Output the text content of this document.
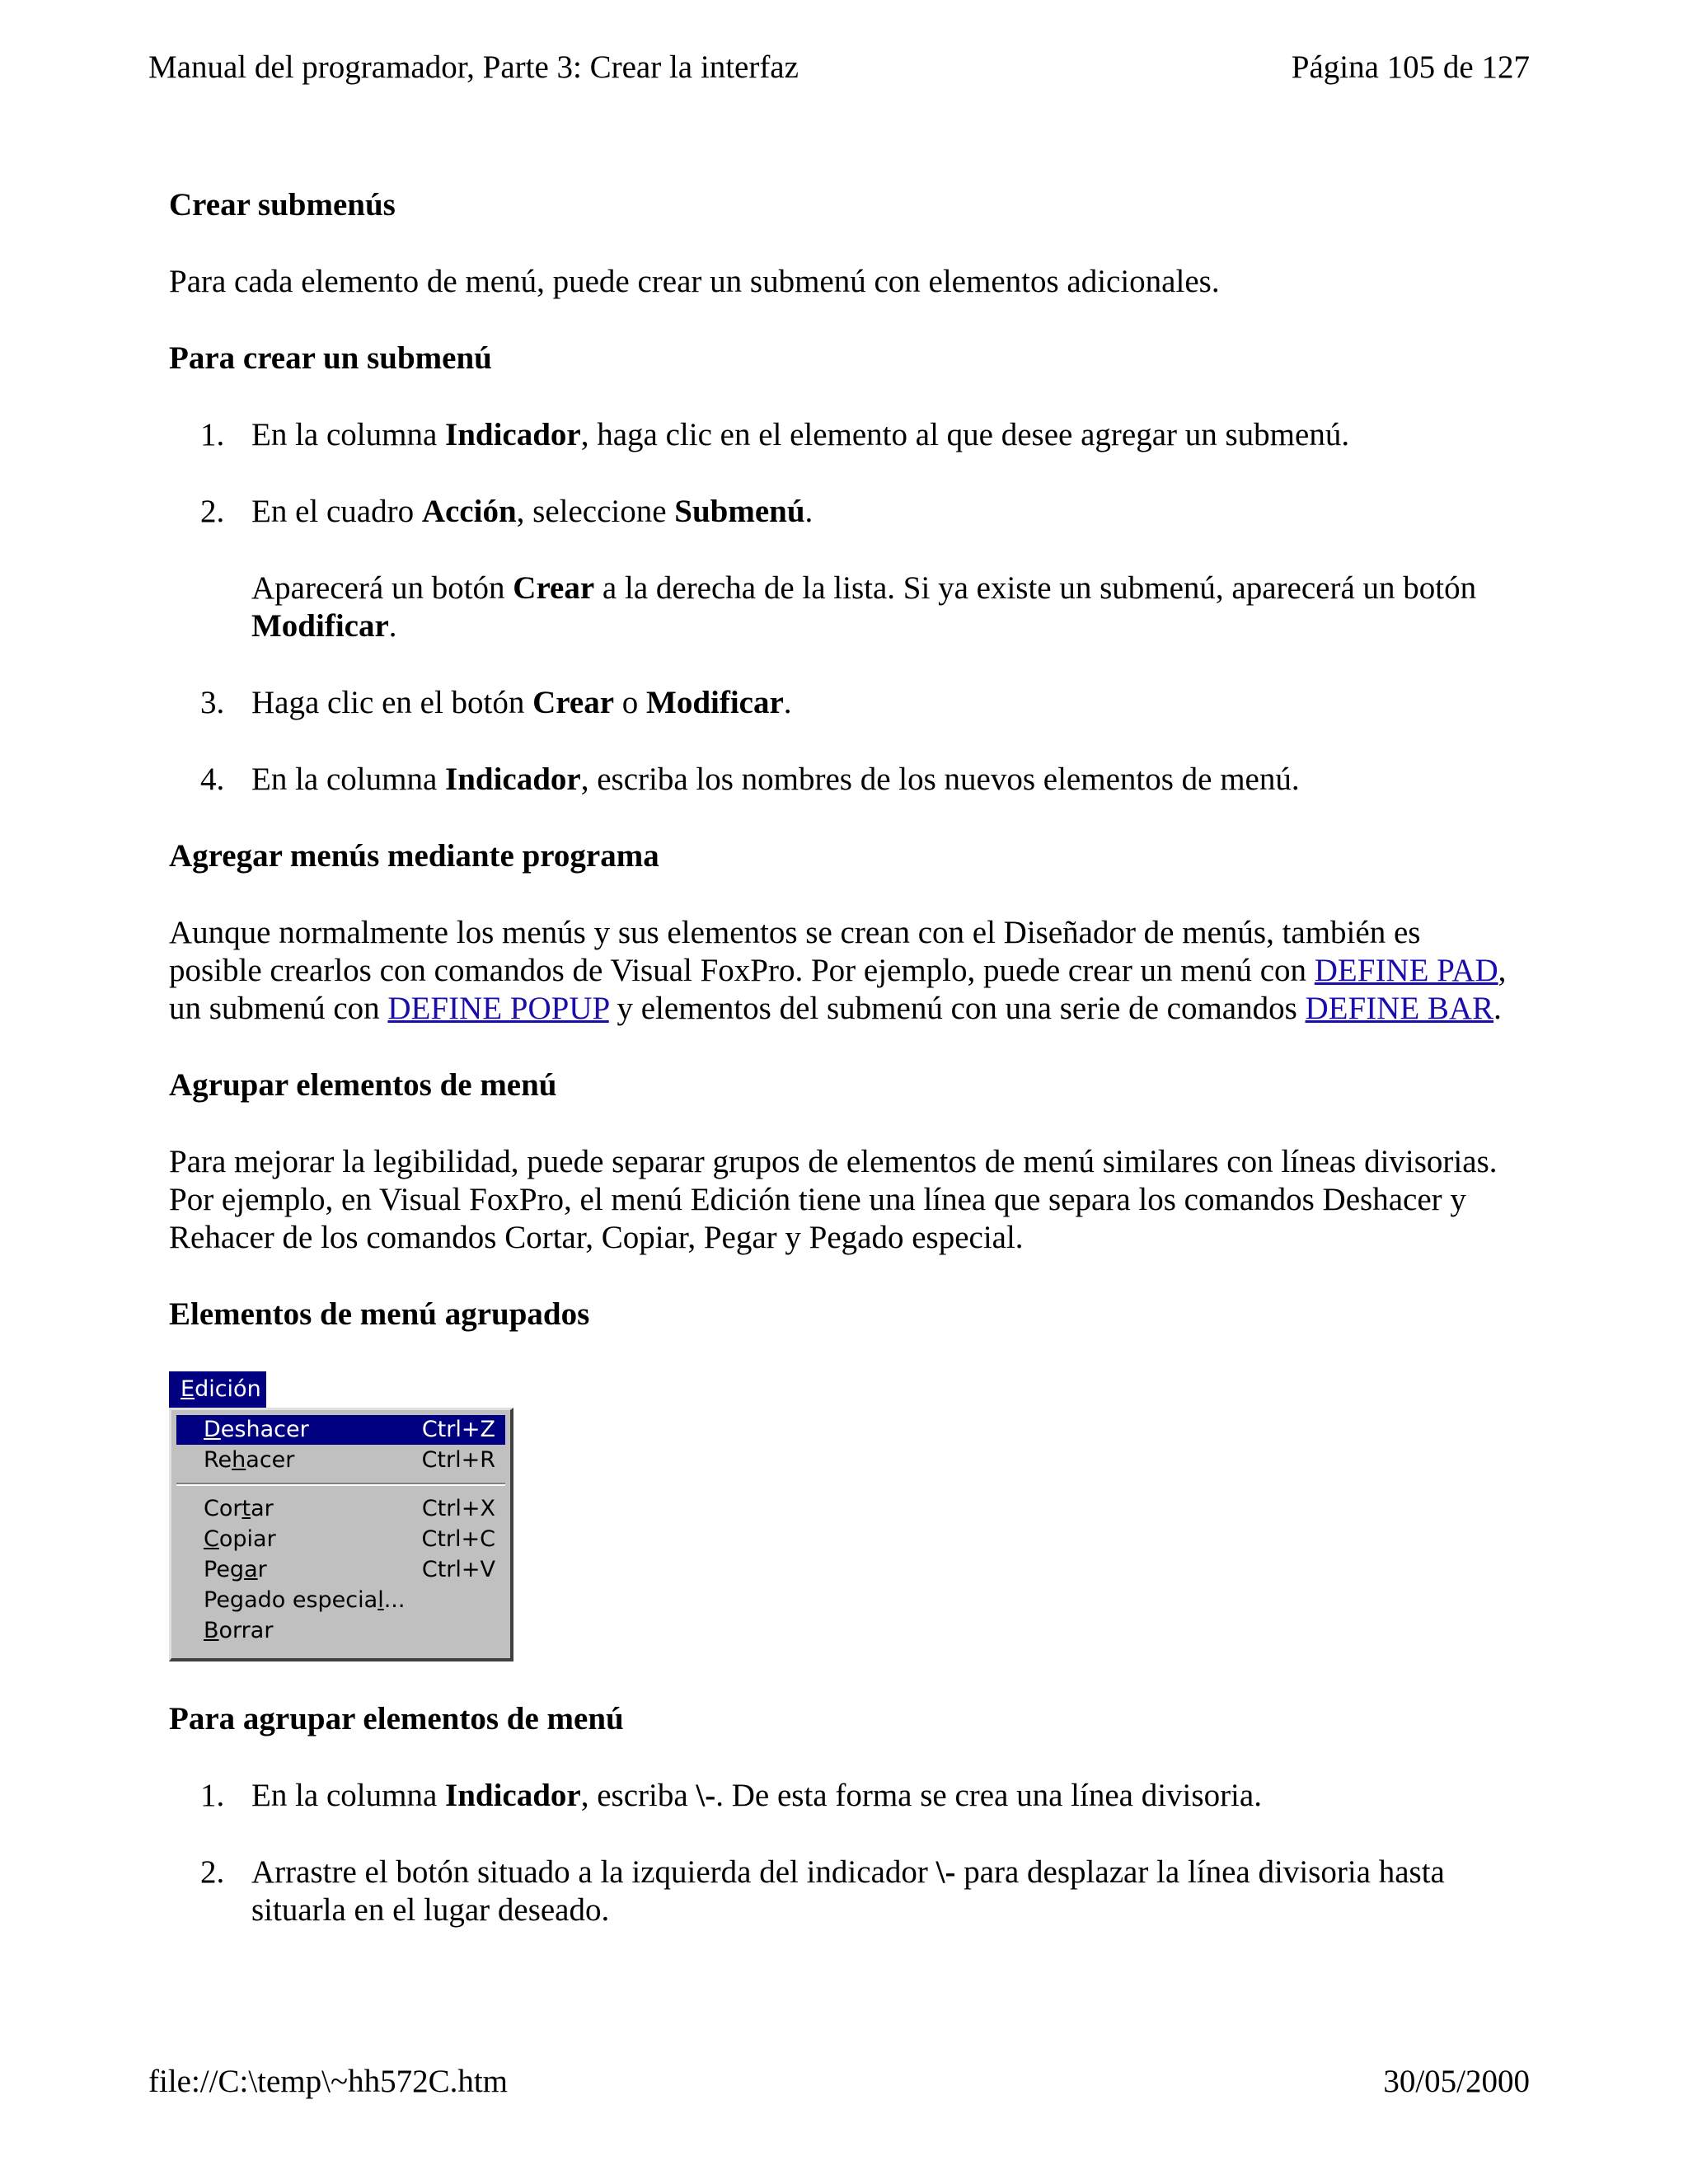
Manual del programador, Parte 3: Crear la interfaz	Página 105 de 127
Crear submenús

Para cada elemento de menú, puede crear un submenú con elementos adicionales.

Para crear un submenú
1. En la columna Indicador, haga clic en el elemento al que desee agregar un submenú.
2. En el cuadro Acción, seleccione Submenú.

Aparecerá un botón Crear a la derecha de la lista. Si ya existe un submenú, aparecerá un botón Modificar.

3. Haga clic en el botón Crear o Modificar.
4. En la columna Indicador, escriba los nombres de los nuevos elementos de menú.
Agregar menús mediante programa

Aunque normalmente los menús y sus elementos se crean con el Diseñador de menús, también es posible crearlos con comandos de Visual FoxPro. Por ejemplo, puede crear un menú con DEFINE PAD, un submenú con DEFINE POPUP y elementos del submenú con una serie de comandos DEFINE BAR.

Agrupar elementos de menú

Para mejorar la legibilidad, puede separar grupos de elementos de menú similares con líneas divisorias. Por ejemplo, en Visual FoxPro, el menú Edición tiene una línea que separa los comandos Deshacer y Rehacer de los comandos Cortar, Copiar, Pegar y Pegado especial.

Elementos de menú agrupados
Edición
Deshacer	Ctrl+Z
Rehacer	Ctrl+R
Cortar	Ctrl+X
Copiar	Ctrl+C
Pegar	Ctrl+V
Pegado especial...
Borrar
Para agrupar elementos de menú
1. En la columna Indicador, escriba \-. De esta forma se crea una línea divisoria.
2. Arrastre el botón situado a la izquierda del indicador \- para desplazar la línea divisoria hasta situarla en el lugar deseado.
file://C:\temp\~hh572C.htm	30/05/2000
